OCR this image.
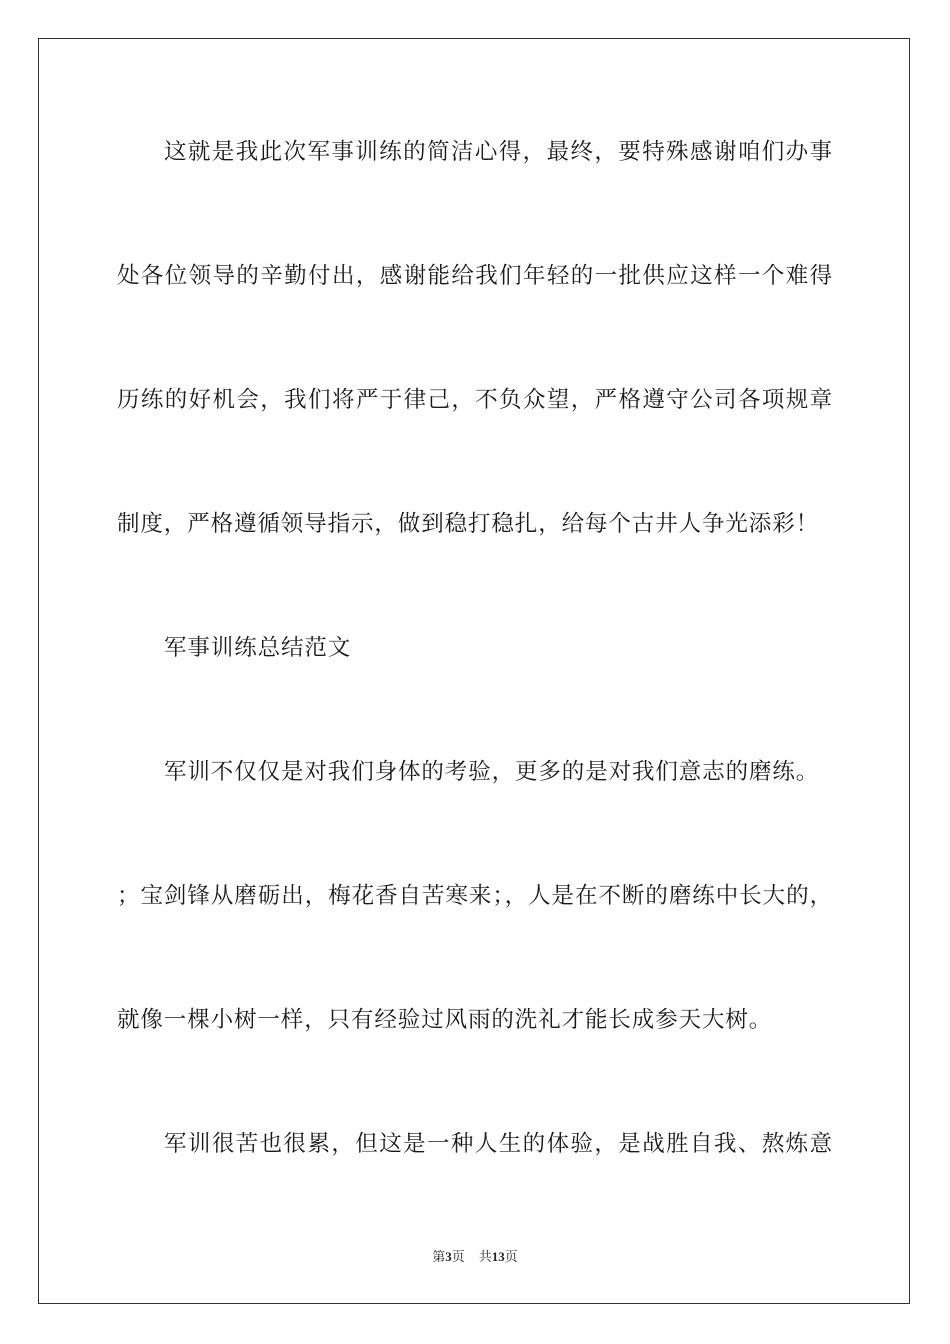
这就是我此次军事训练的简洁心得，最终，要特殊感谢咱们办事
处各位领导的辛勤付出，感谢能给我们年轻的一批供应这样一个难得
历练的好机会，我们将严于律己，不负众望，严格遵守公司各项规章
制度，严格遵循领导指示，做到稳打稳扎，给每个古井人争光添彩！
军事训练总结范文
军训不仅仅是对我们身体的考验，更多的是对我们意志的磨练。
；宝剑锋从磨砺出，梅花香自苦寒来；，人是在不断的磨练中长大的，
就像一棵小树一样，只有经验过风雨的洗礼才能长成参天大树。
军训很苦也很累，但这是一种人生的体验，是战胜自我、熬炼意
第3页 共13页
